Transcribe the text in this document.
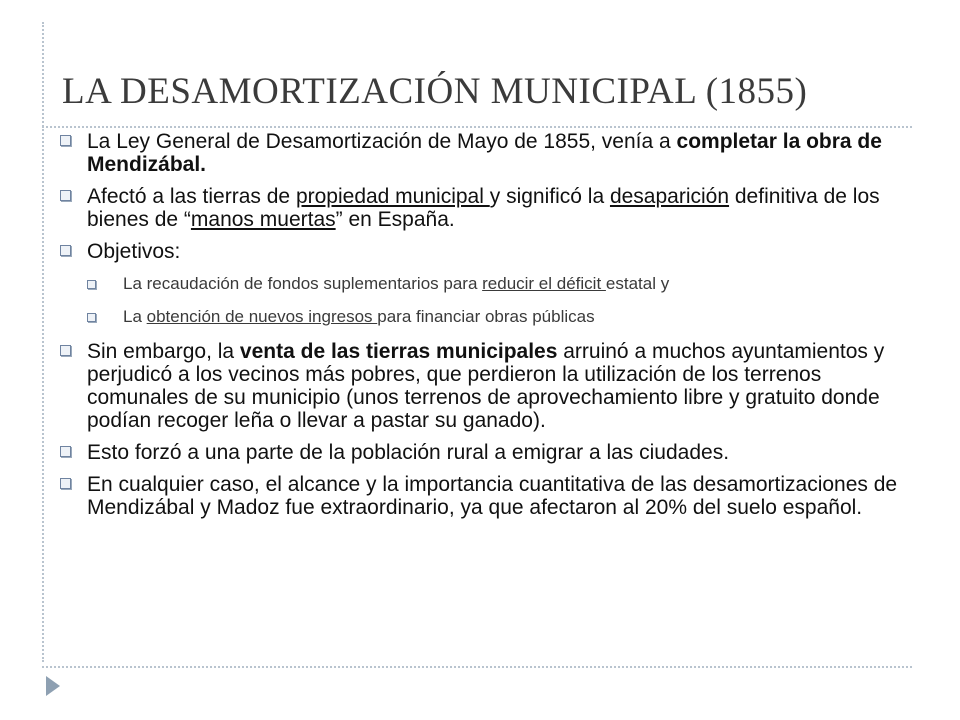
LA DESAMORTIZACIÓN MUNICIPAL (1855)
La Ley General de Desamortización de Mayo de 1855, venía a completar la obra de Mendizábal.
Afectó a las tierras de propiedad municipal y significó la desaparición definitiva de los bienes de “manos muertas” en España.
Objetivos:
La recaudación de fondos suplementarios para reducir el déficit estatal y
La obtención de nuevos ingresos para financiar obras públicas
Sin embargo, la venta de las tierras municipales arruinó a muchos ayuntamientos y perjudicó a los vecinos más pobres, que perdieron la utilización de los terrenos comunales de su municipio (unos terrenos de aprovechamiento libre y gratuito donde podían recoger leña o llevar a pastar su ganado).
Esto forzó a una parte de la población rural a emigrar a las ciudades.
En cualquier caso, el alcance y la importancia cuantitativa de las desamortizaciones de Mendizábal y Madoz fue extraordinario, ya que afectaron al 20% del suelo español.
